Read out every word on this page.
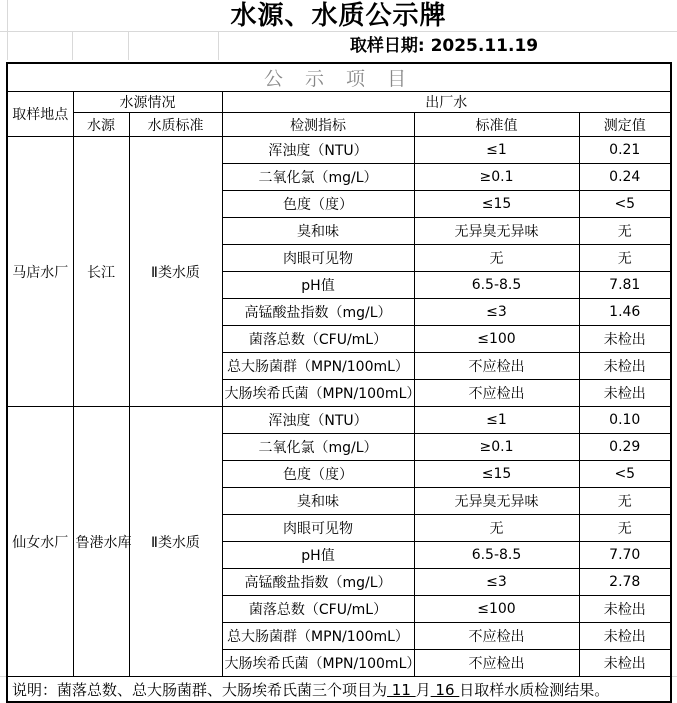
水源、水质公示牌
取样日期: 2025.11.19
公 示 项 目					
取样地点	水源情况		出厂水		
	水源	水质标准	检测指标	标准值	测定值
马店水厂	长江	Ⅱ类水质	浑浊度（NTU）	≤1	0.21
			二氧化氯（mg/L）	≥0.1	0.24
			色度（度）	≤15	<5
			臭和味	无异臭无异味	无
			肉眼可见物	无	无
			pH值	6.5-8.5	7.81
			高锰酸盐指数（mg/L）	≤3	1.46
			菌落总数（CFU/mL）	≤100	未检出
			总大肠菌群（MPN/100mL）	不应检出	未检出
			大肠埃希氏菌（MPN/100mL）	不应检出	未检出
仙女水厂	鲁港水库	Ⅱ类水质	浑浊度（NTU）	≤1	0.10
			二氧化氯（mg/L）	≥0.1	0.29
			色度（度）	≤15	<5
			臭和味	无异臭无异味	无
			肉眼可见物	无	无
			pH值	6.5-8.5	7.70
			高锰酸盐指数（mg/L）	≤3	2.78
			菌落总数（CFU/mL）	≤100	未检出
			总大肠菌群（MPN/100mL）	不应检出	未检出
			大肠埃希氏菌（MPN/100mL）	不应检出	未检出
说明：菌落总数、总大肠菌群、大肠埃希氏菌三个项目为 11 月 16 日取样水质检测结果。					
